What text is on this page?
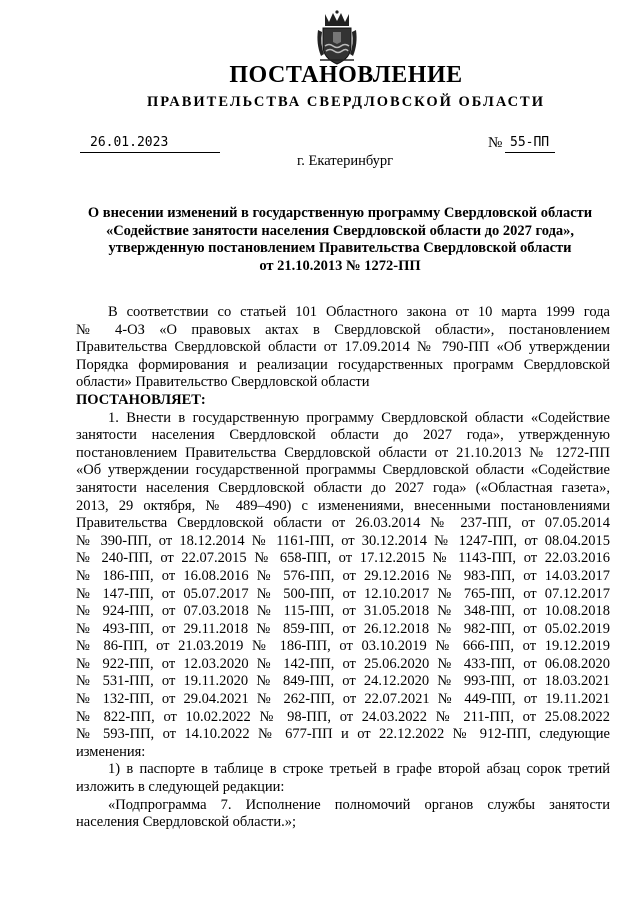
ПОСТАНОВЛЕНИЕ
ПРАВИТЕЛЬСТВА СВЕРДЛОВСКОЙ ОБЛАСТИ
26.01.2023	№ 55-ПП
г. Екатеринбург
О внесении изменений в государственную программу Свердловской области
«Содействие занятости населения Свердловской области до 2027 года»,
утвержденную постановлением Правительства Свердловской области
от 21.10.2013 № 1272-ПП
В соответствии со статьей 101 Областного закона от 10 марта 1999 года
№ 4-ОЗ «О правовых актах в Свердловской области», постановлением
Правительства Свердловской области от 17.09.2014 № 790-ПП «Об утверждении
Порядка формирования и реализации государственных программ Свердловской
области» Правительство Свердловской области
ПОСТАНОВЛЯЕТ:
1. Внести в государственную программу Свердловской области «Содействие
занятости населения Свердловской области до 2027 года», утвержденную
постановлением Правительства Свердловской области от 21.10.2013 № 1272-ПП
«Об утверждении государственной программы Свердловской области «Содействие
занятости населения Свердловской области до 2027 года» («Областная газета»,
2013, 29 октября, № 489–490) с изменениями, внесенными постановлениями
Правительства Свердловской области от 26.03.2014 № 237-ПП, от 07.05.2014
№ 390-ПП, от 18.12.2014 № 1161-ПП, от 30.12.2014 № 1247-ПП, от 08.04.2015
№ 240-ПП, от 22.07.2015 № 658-ПП, от 17.12.2015 № 1143-ПП, от 22.03.2016
№ 186-ПП, от 16.08.2016 № 576-ПП, от 29.12.2016 № 983-ПП, от 14.03.2017
№ 147-ПП, от 05.07.2017 № 500-ПП, от 12.10.2017 № 765-ПП, от 07.12.2017
№ 924-ПП, от 07.03.2018 № 115-ПП, от 31.05.2018 № 348-ПП, от 10.08.2018
№ 493-ПП, от 29.11.2018 № 859-ПП, от 26.12.2018 № 982-ПП, от 05.02.2019
№ 86-ПП, от 21.03.2019 № 186-ПП, от 03.10.2019 № 666-ПП, от 19.12.2019
№ 922-ПП, от 12.03.2020 № 142-ПП, от 25.06.2020 № 433-ПП, от 06.08.2020
№ 531-ПП, от 19.11.2020 № 849-ПП, от 24.12.2020 № 993-ПП, от 18.03.2021
№ 132-ПП, от 29.04.2021 № 262-ПП, от 22.07.2021 № 449-ПП, от 19.11.2021
№ 822-ПП, от 10.02.2022 № 98-ПП, от 24.03.2022 № 211-ПП, от 25.08.2022
№ 593-ПП, от 14.10.2022 № 677-ПП и от 22.12.2022 № 912-ПП, следующие
изменения:
1) в паспорте в таблице в строке третьей в графе второй абзац сорок третий
изложить в следующей редакции:
«Подпрограмма 7. Исполнение полномочий органов службы занятости
населения Свердловской области.»;
